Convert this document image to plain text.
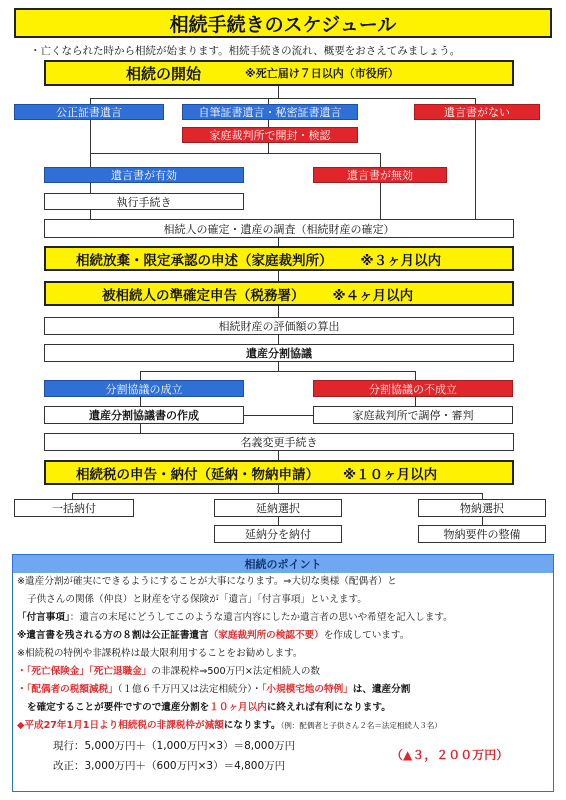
相続手続きのスケジュール
・亡くなられた時から相続が始まります。相続手続きの流れ、概要をおさえてみましょう。
相続の開始	※死亡届け７日以内（市役所）
公正証書遺言	自筆証書遺言・秘密証書遺言	遺言書がない
家庭裁判所で開封・検認
遺言書が有効	遺言書が無効
執行手続き
相続人の確定・遺産の調査（相続財産の確定）
相続放棄・限定承認の申述（家庭裁判所） ※３ヶ月以内
被相続人の準確定申告（税務署） ※４ヶ月以内
相続財産の評価額の算出
遺産分割協議
分割協議の成立	分割協議の不成立
遺産分割協議書の作成	家庭裁判所で調停・審判
名義変更手続き
相続税の申告・納付（延納・物納申請） ※１０ヶ月以内
一括納付	延納選択	物納選択
延納分を納付	物納要件の整備
相続のポイント
※遺産分割が確実にできるようにすることが大事になります。⇒大切な奥様（配偶者）と
子供さんの関係（仲良）と財産を守る保険が「遺言」「付言事項」といえます。
「付言事項」：遺言の末尾にどうしてこのような遺言内容にしたか遺言者の思いや希望を記入します。
※遺言書を残される方の８割は公正証書遺言（家庭裁判所の検認不要）を作成しています。
※相続税の特例や非課税枠は最大限利用することをお勧めします。
・「死亡保険金」「死亡退職金」の非課税枠⇒500万円×法定相続人の数
・「配偶者の税額減税」（１億６千万円又は法定相続分）・「小規模宅地の特例」は、遺産分割
を確定することが要件ですので遺産分割を１０ヶ月以内に終えれば有利になります。
◆平成27年1月1日より相続税の非課税枠が減額になります。（例：配偶者と子供さん２名＝法定相続人３名）
現行：5,000万円＋（1,000万円×3）＝8,000万円
改正：3,000万円＋（600万円×3）＝4,800万円
（▲３，２００万円）
